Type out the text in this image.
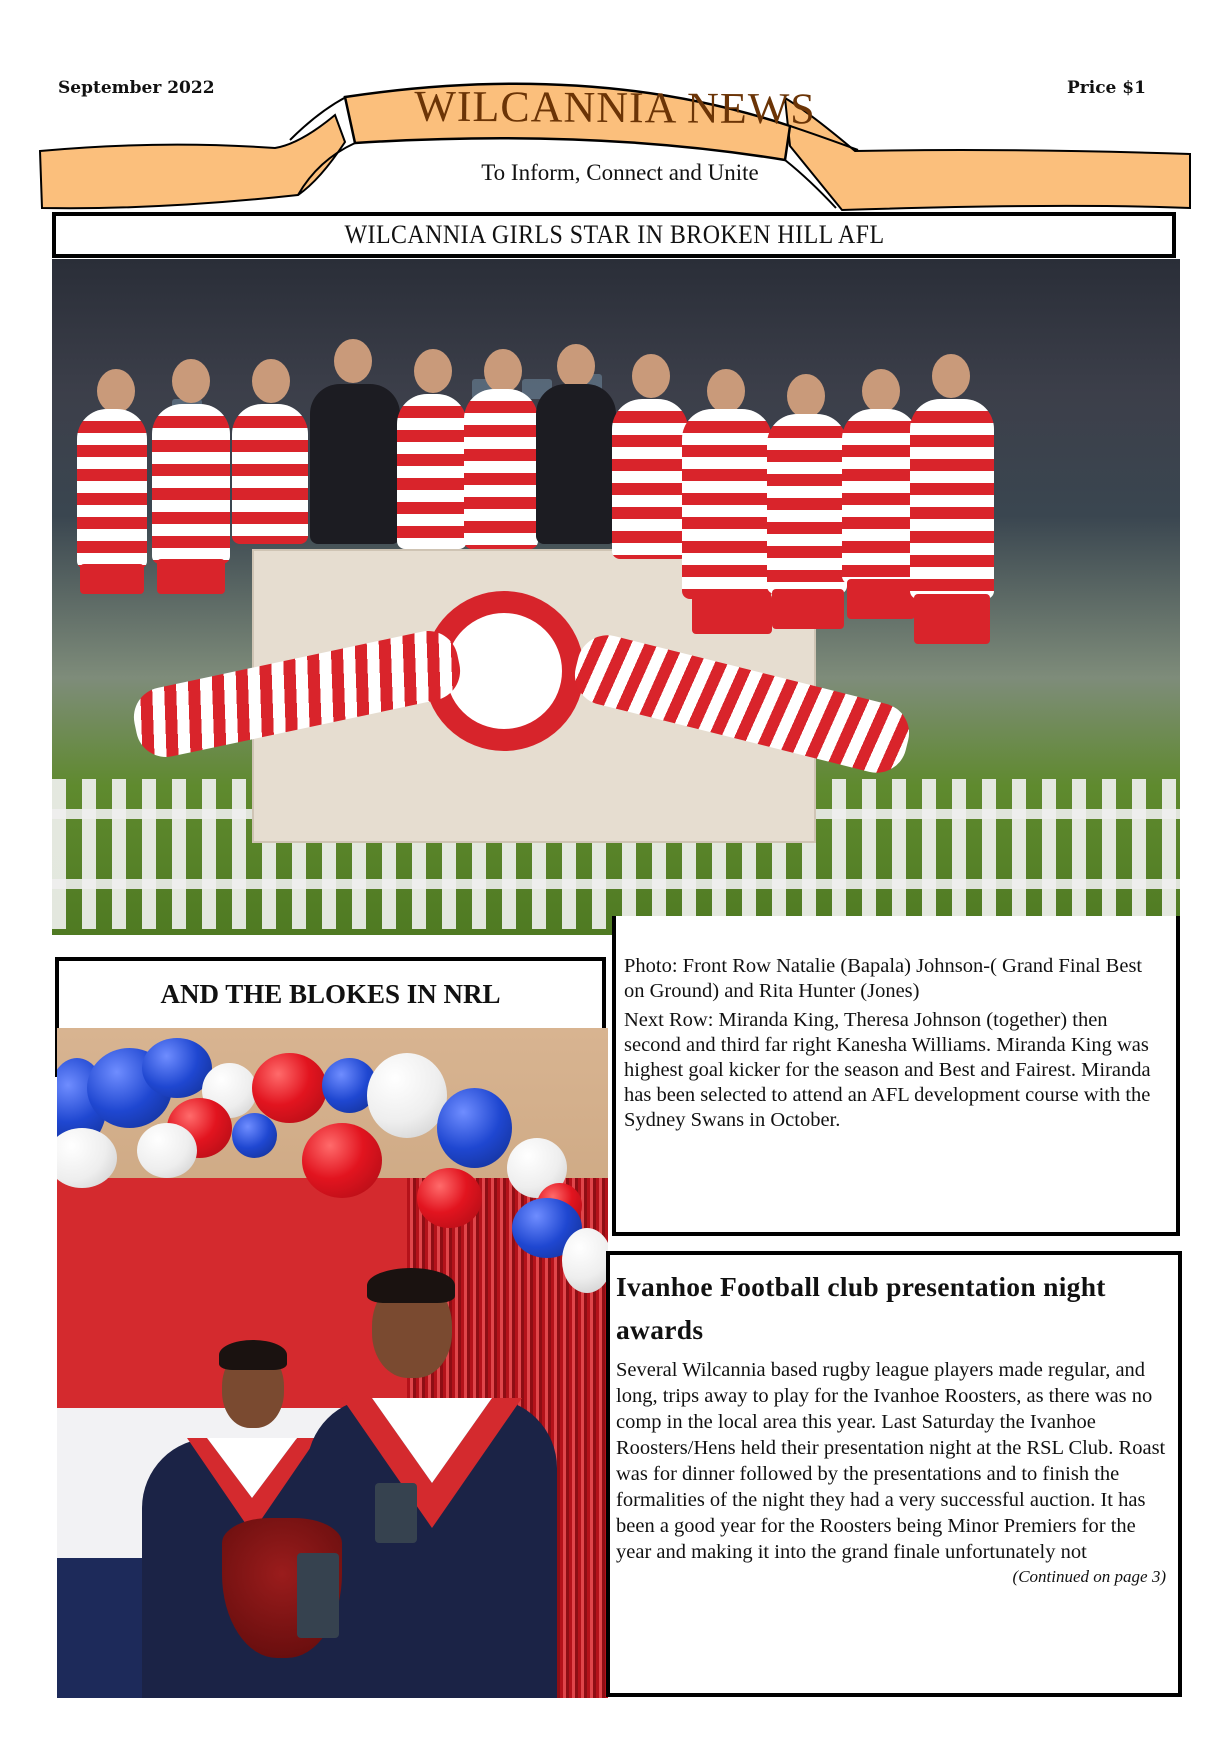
September 2022	Price $1
WILCANNIA NEWS
To Inform, Connect and Unite
WILCANNIA GIRLS STAR IN BROKEN HILL AFL
AND THE BLOKES IN NRL

Photo: Front Row Natalie (Bapala) Johnson-( Grand Final Best on Ground) and Rita Hunter (Jones)

Next Row: Miranda King, Theresa Johnson (together) then second and third far right Kanesha Williams. Miranda King was highest goal kicker for the season and Best and Fairest. Miranda has been selected to attend an AFL development course with the Sydney Swans in October.

Ivanhoe Football club presentation night awards

Several Wilcannia based rugby league players made regular, and long, trips away to play for the Ivanhoe Roosters, as there was no comp in the local area this year. Last Saturday the Ivanhoe Roosters/Hens held their presentation night at the RSL Club. Roast was for dinner followed by the presentations and to finish the formalities of the night they had a very successful auction. It has been a good year for the Roosters being Minor Premiers for the year and making it into the grand finale unfortunately not

(Continued on page 3)
